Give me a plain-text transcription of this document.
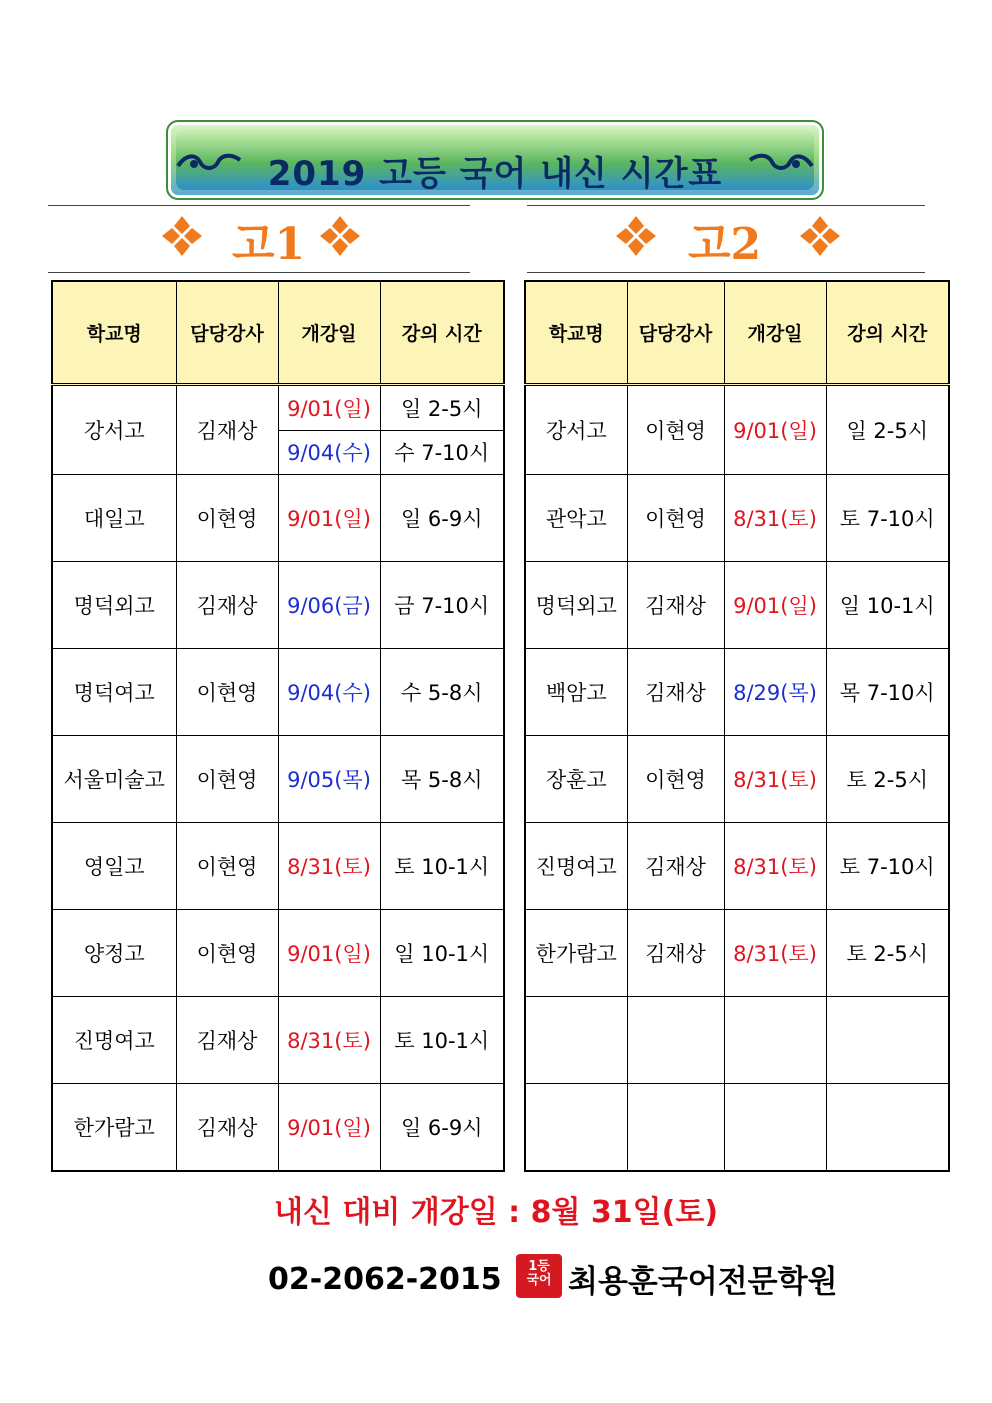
2019 고등 국어 내신 시간표
고1	고2
학교명	담당강사	개강일	강의 시간
강서고	김재상	9/01(일)	일 2-5시
		9/04(수)	수 7-10시
대일고	이현영	9/01(일)	일 6-9시
명덕외고	김재상	9/06(금)	금 7-10시
명덕여고	이현영	9/04(수)	수 5-8시
서울미술고	이현영	9/05(목)	목 5-8시
영일고	이현영	8/31(토)	토 10-1시
양정고	이현영	9/01(일)	일 10-1시
진명여고	김재상	8/31(토)	토 10-1시
한가람고	김재상	9/01(일)	일 6-9시
학교명	담당강사	개강일	강의 시간
강서고	이현영	9/01(일)	일 2-5시
관악고	이현영	8/31(토)	토 7-10시
명덕외고	김재상	9/01(일)	일 10-1시
백암고	김재상	8/29(목)	목 7-10시
장훈고	이현영	8/31(토)	토 2-5시
진명여고	김재상	8/31(토)	토 7-10시
한가람고	김재상	8/31(토)	토 2-5시

내신 대비 개강일 : 8월 31일(토)
02-2062-2015	1등
국어 최용훈국어전문학원
